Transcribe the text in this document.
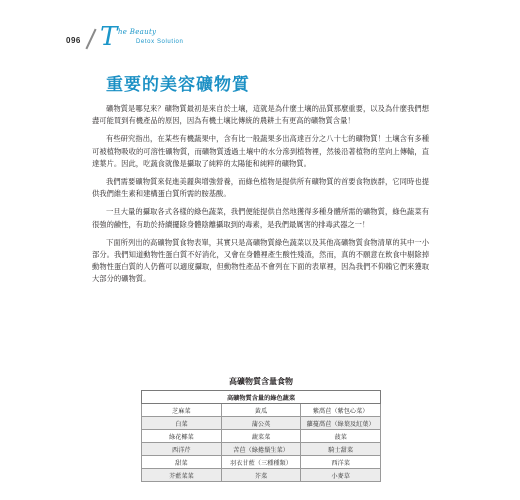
096 T he Beauty
Detox Solution
重要的美容礦物質

礦物質是哪兒來？礦物質最初是來自於土壤，這就是為什麼土壤的品質那麼重要，以及為什麼我們想盡可能買到有機產品的原因，因為有機土壤比傳統的農耕土有更高的礦物質含量！

有些研究指出，在某些有機蔬果中，含有比一般蔬果多出高達百分之八十七的礦物質！土壤含有多種可被植物吸收的可溶性礦物質，而礦物質透過土壤中的水分滲到植物裡，然後沿著植物的莖向上傳輸，直達葉片。因此，吃蔬食就像是攝取了純粹的太陽能和純粹的礦物質。

我們需要礦物質來促進美麗與增強營養，而綠色植物是提供所有礦物質的首要食物族群，它同時也提供我們維生素和建構蛋白質所需的胺基酸。

一旦大量的攝取各式各樣的綠色蔬菜，我們便能提供自然地獲得多種身體所需的礦物質，綠色蔬菜有很強的鹼性，有助於持續擺除身體陰離攝取到的毒素，是我們最厲害的排毒武器之一！

下面所列出的高礦物質食物表單，其實只是高礦物質綠色蔬菜以及其他高礦物質食物清單的其中一小部分。我們知道動物性蛋白質不好消化，又會在身體裡產生酸性殘渣，然而，真的不願意在飲食中剔除掉動物性蛋白質的人仍舊可以適度攝取，但動物性產品不會列在下面的表單裡，因為我們不仰賴它們來獲取大部分的礦物質。

高礦物質含量食物
高礦物質含量的綠色蔬菜		
芝麻菜	黃瓜	紫萵苣（紫包心菜）
白菜	蒲公英	蘿蔓萵苣（綠葉及紅葉）
綠花椰菜	蔬菜菜	菠菜
西洋芹	苦苣（綠捲鬚生菜）	騎士甜菜
甜菜	羽衣甘藍（三種種類）	西洋菜
芥藍菜菜	芥菜	小麥草
